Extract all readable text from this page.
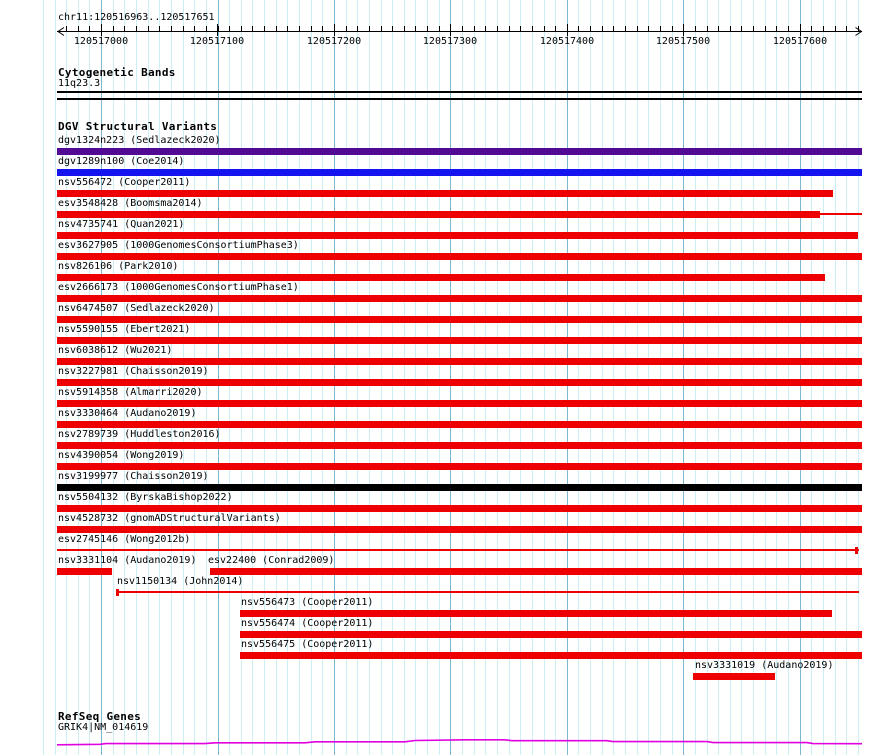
chr11:120516963..120517651
120517000	120517100	120517200	120517300	120517400	120517500	120517600
Cytogenetic Bands
11q23.3
DGV Structural Variants
dgv1324n223 (Sedlazeck2020)
dgv1289n100 (Coe2014)
nsv556472 (Cooper2011)
esv3548428 (Boomsma2014)
nsv4735741 (Quan2021)
esv3627905 (1000GenomesConsortiumPhase3)
nsv826106 (Park2010)
esv2666173 (1000GenomesConsortiumPhase1)
nsv6474507 (Sedlazeck2020)
nsv5590155 (Ebert2021)
nsv6038612 (Wu2021)
nsv3227981 (Chaisson2019)
nsv5914358 (Almarri2020)
nsv3330464 (Audano2019)
nsv2789739 (Huddleston2016)
nsv4390054 (Wong2019)
nsv3199977 (Chaisson2019)
nsv5504132 (ByrskaBishop2022)
nsv4528732 (gnomADStructuralVariants)
esv2745146 (Wong2012b)
nsv3331104 (Audano2019) esv22400 (Conrad2009)
nsv1150134 (John2014)
nsv556473 (Cooper2011)
nsv556474 (Cooper2011)
nsv556475 (Cooper2011)
nsv3331019 (Audano2019)
RefSeq Genes
GRIK4|NM_014619
